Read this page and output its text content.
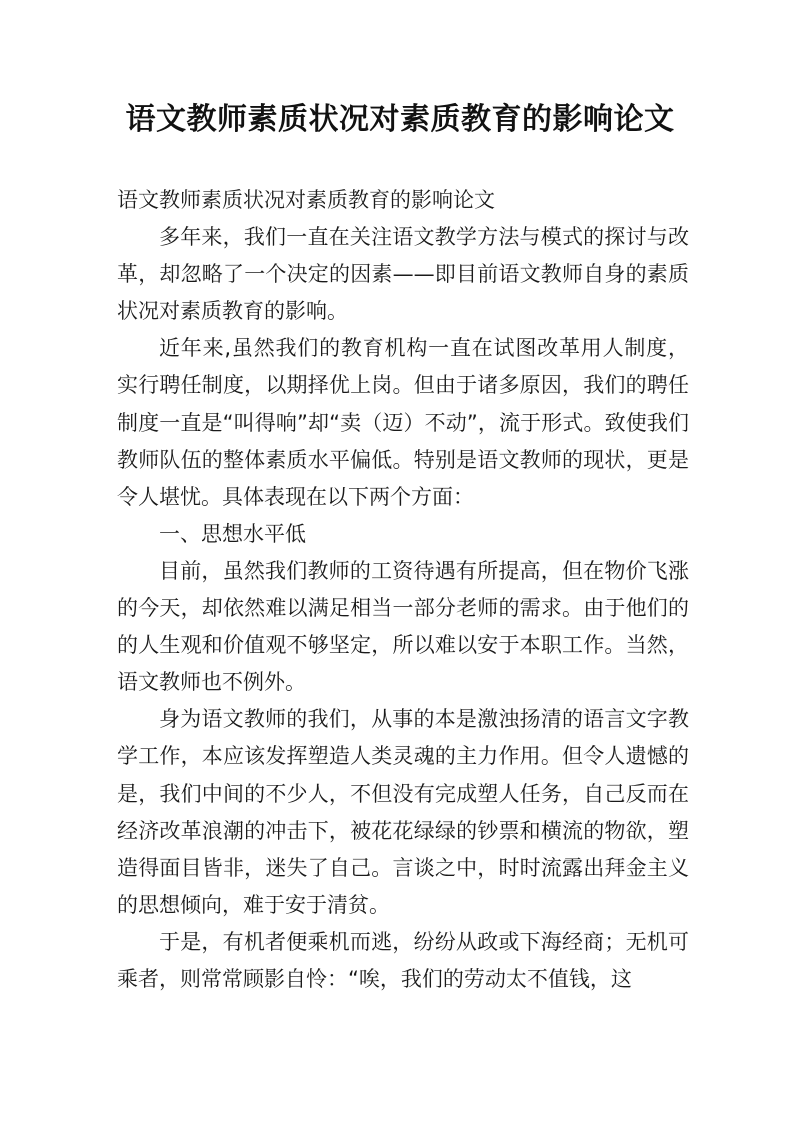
语文教师素质状况对素质教育的影响论文

语文教师素质状况对素质教育的影响论文

多年来，我们一直在关注语文教学方法与模式的探讨与改革，却忽略了一个决定的因素——即目前语文教师自身的素质状况对素质教育的影响。

近年来,虽然我们的教育机构一直在试图改革用人制度，实行聘任制度，以期择优上岗。但由于诸多原因，我们的聘任制度一直是“叫得响”却“卖（迈）不动”，流于形式。致使我们教师队伍的整体素质水平偏低。特别是语文教师的现状，更是令人堪忧。具体表现在以下两个方面：

一、思想水平低

目前，虽然我们教师的工资待遇有所提高，但在物价飞涨的今天，却依然难以满足相当一部分老师的需求。由于他们的的人生观和价值观不够坚定，所以难以安于本职工作。当然，语文教师也不例外。

身为语文教师的我们，从事的本是激浊扬清的语言文字教学工作，本应该发挥塑造人类灵魂的主力作用。但令人遗憾的是，我们中间的不少人，不但没有完成塑人任务，自己反而在经济改革浪潮的冲击下，被花花绿绿的钞票和横流的物欲，塑造得面目皆非，迷失了自己。言谈之中，时时流露出拜金主义的思想倾向，难于安于清贫。

于是，有机者便乘机而逃，纷纷从政或下海经商；无机可乘者，则常常顾影自怜：“唉，我们的劳动太不值钱，这
